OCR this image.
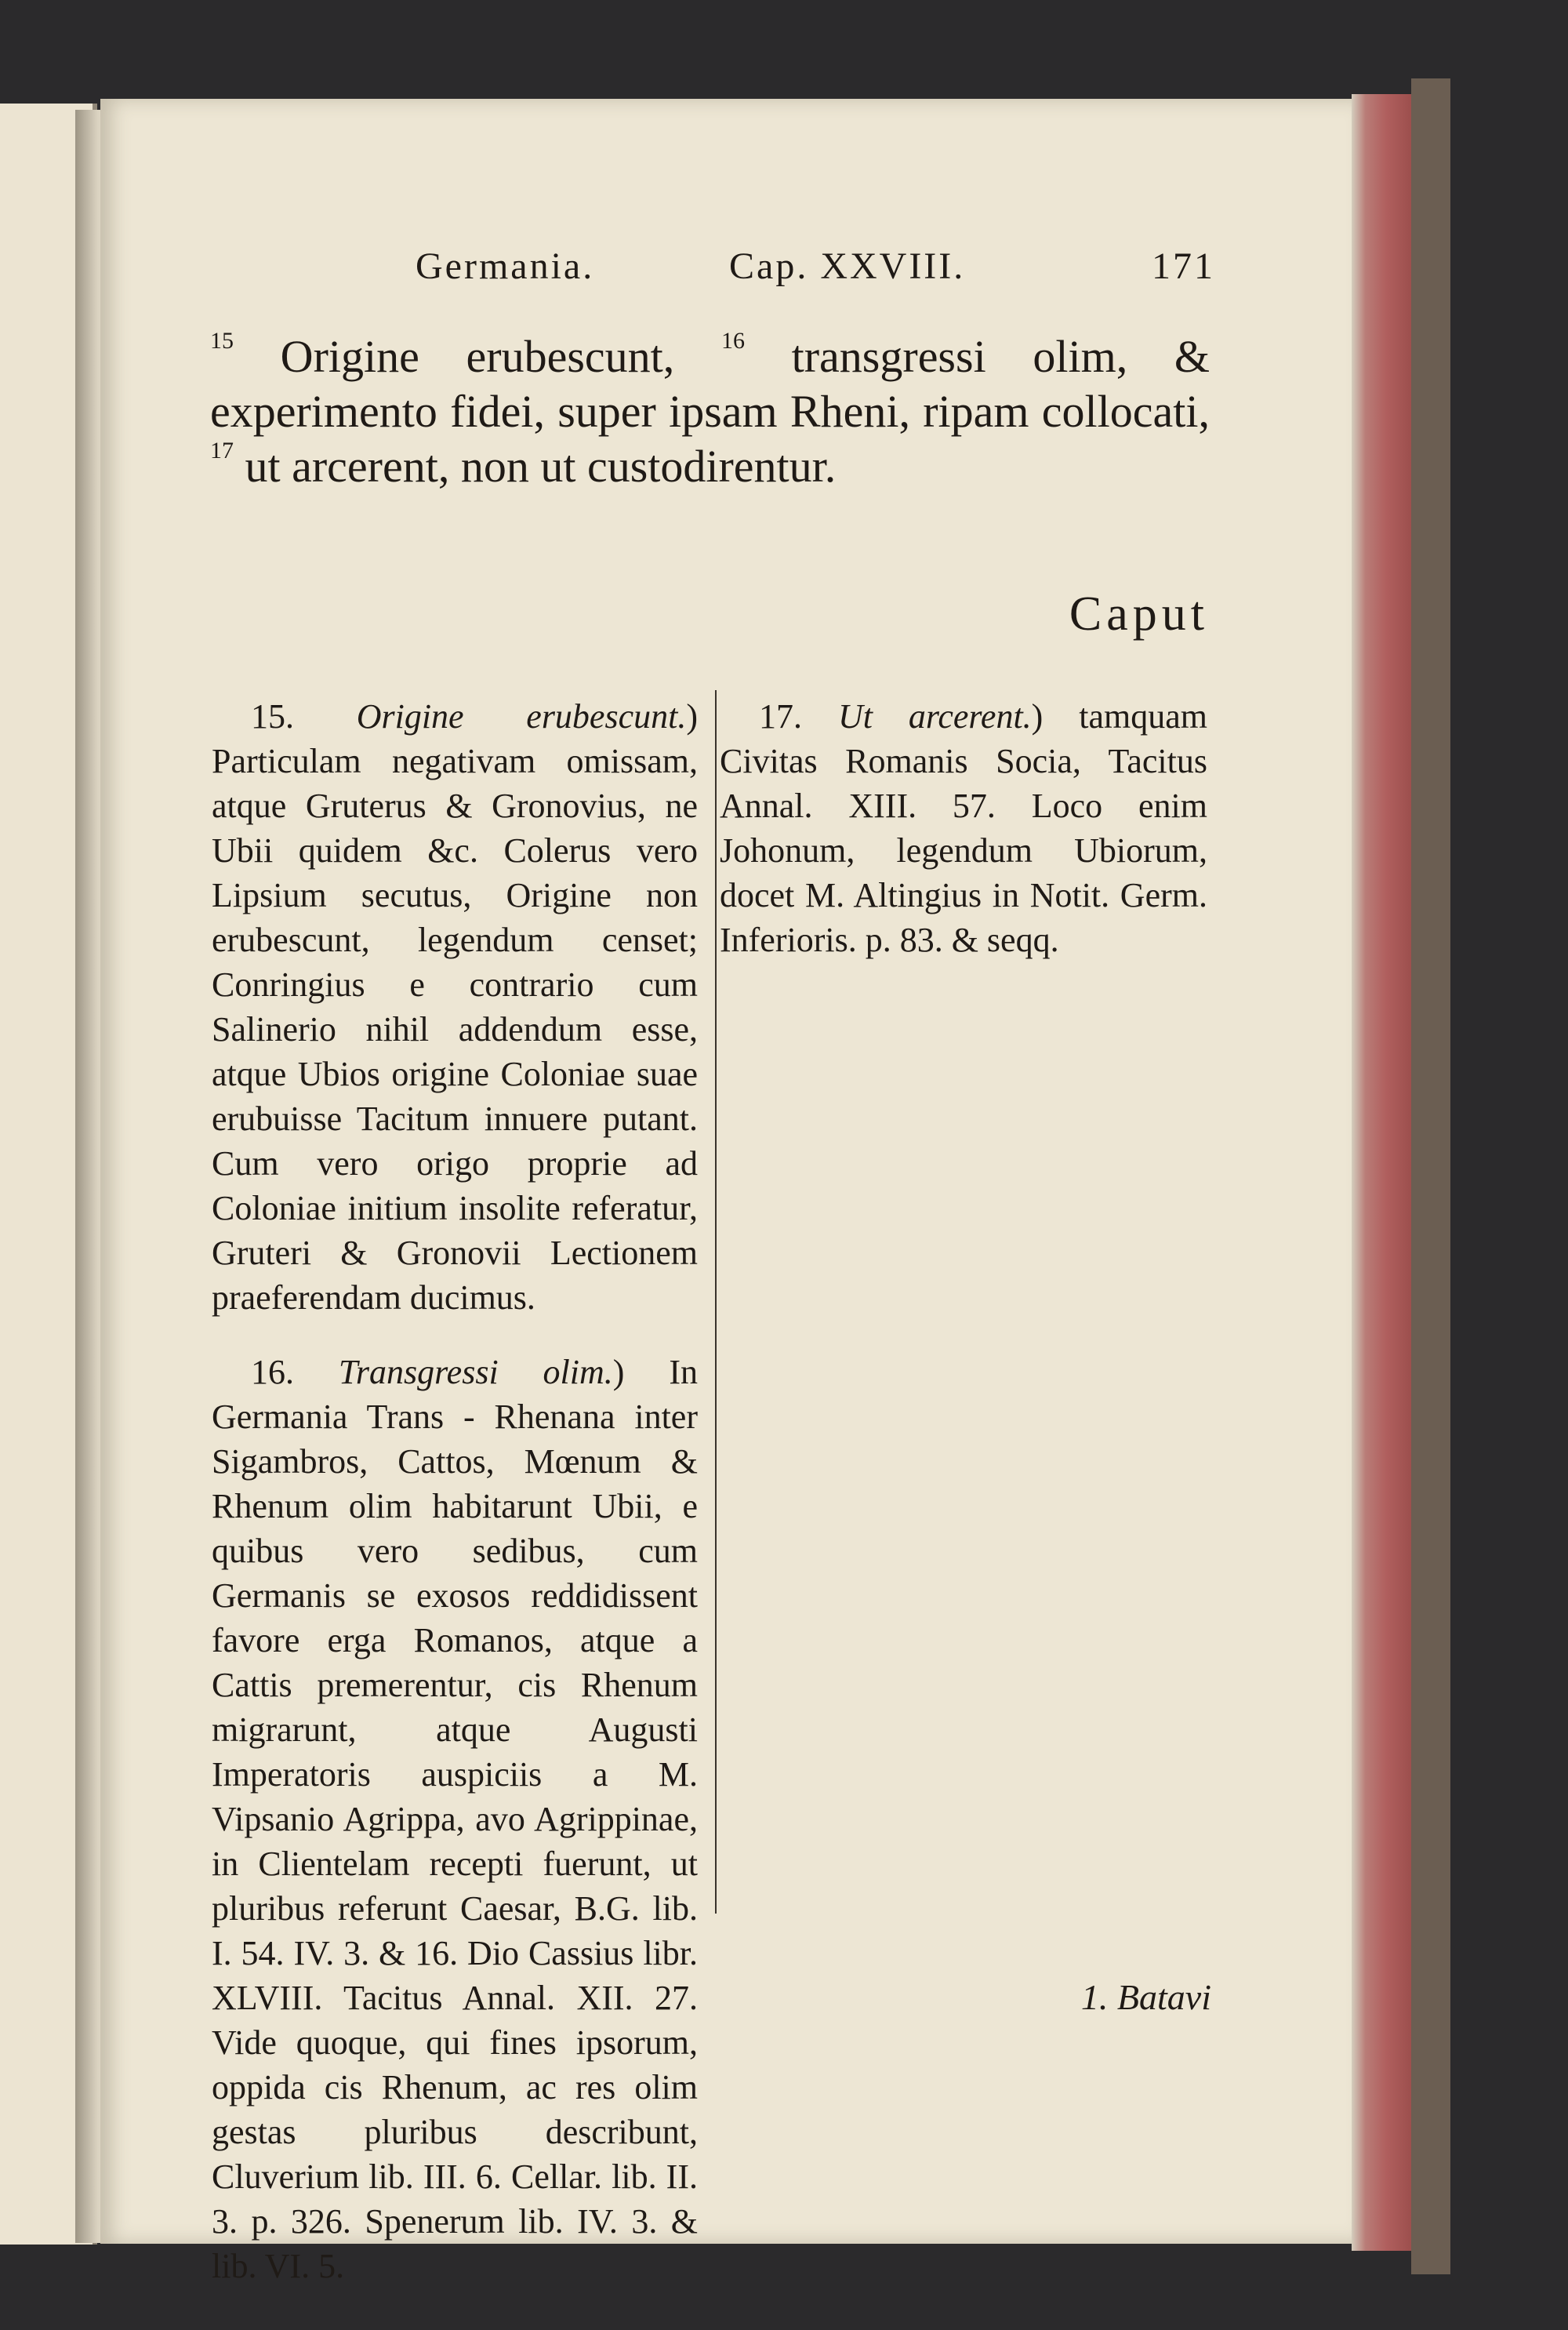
Germania.	Cap. XXVIII.	171

$^{15}$ Origine erubescunt, $^{16}$ transgressi olim, & experimento fidei, super ipsam Rheni, ripam collocati, $^{17}$ ut arcerent, non ut custodirentur.

Caput

15. Origine erubescunt.) Particulam negativam omissam, atque Gruterus & Gronovius, ne Ubii quidem &c. Colerus vero Lipsium secutus, Origine non erubescunt, legendum censet; Conringius e contrario cum Salinerio nihil addendum esse, atque Ubios origine Coloniae suae erubuisse Tacitum innuere putant. Cum vero origo proprie ad Coloniae initium insolite referatur, Gruteri & Gronovii Lectionem praeferendam ducimus.

16. Transgressi olim.) In Germania Trans - Rhenana inter Sigambros, Cattos, Mœnum & Rhenum olim habitarunt Ubii, e quibus vero sedibus, cum Germanis se exosos reddidissent favore erga Romanos, atque a Cattis premerentur, cis Rhenum migrarunt, atque Augusti Imperatoris auspiciis a M. Vipsanio Agrippa, avo Agrippinae, in Clientelam recepti fuerunt, ut pluribus referunt Caesar, B.G. lib. I. 54. IV. 3. & 16. Dio Cassius libr. XLVIII. Tacitus Annal. XII. 27. Vide quoque, qui fines ipsorum, oppida cis Rhenum, ac res olim gestas pluribus describunt, Cluverium lib. III. 6. Cellar. lib. II. 3. p. 326. Spenerum lib. IV. 3. & lib. VI. 5.

17. Ut arcerent.) tamquam Civitas Romanis Socia, Tacitus Annal. XIII. 57. Loco enim Johonum, legendum Ubiorum, docet M. Altingius in Notit. Germ. Inferioris. p. 83. & seqq.

1. Batavi
